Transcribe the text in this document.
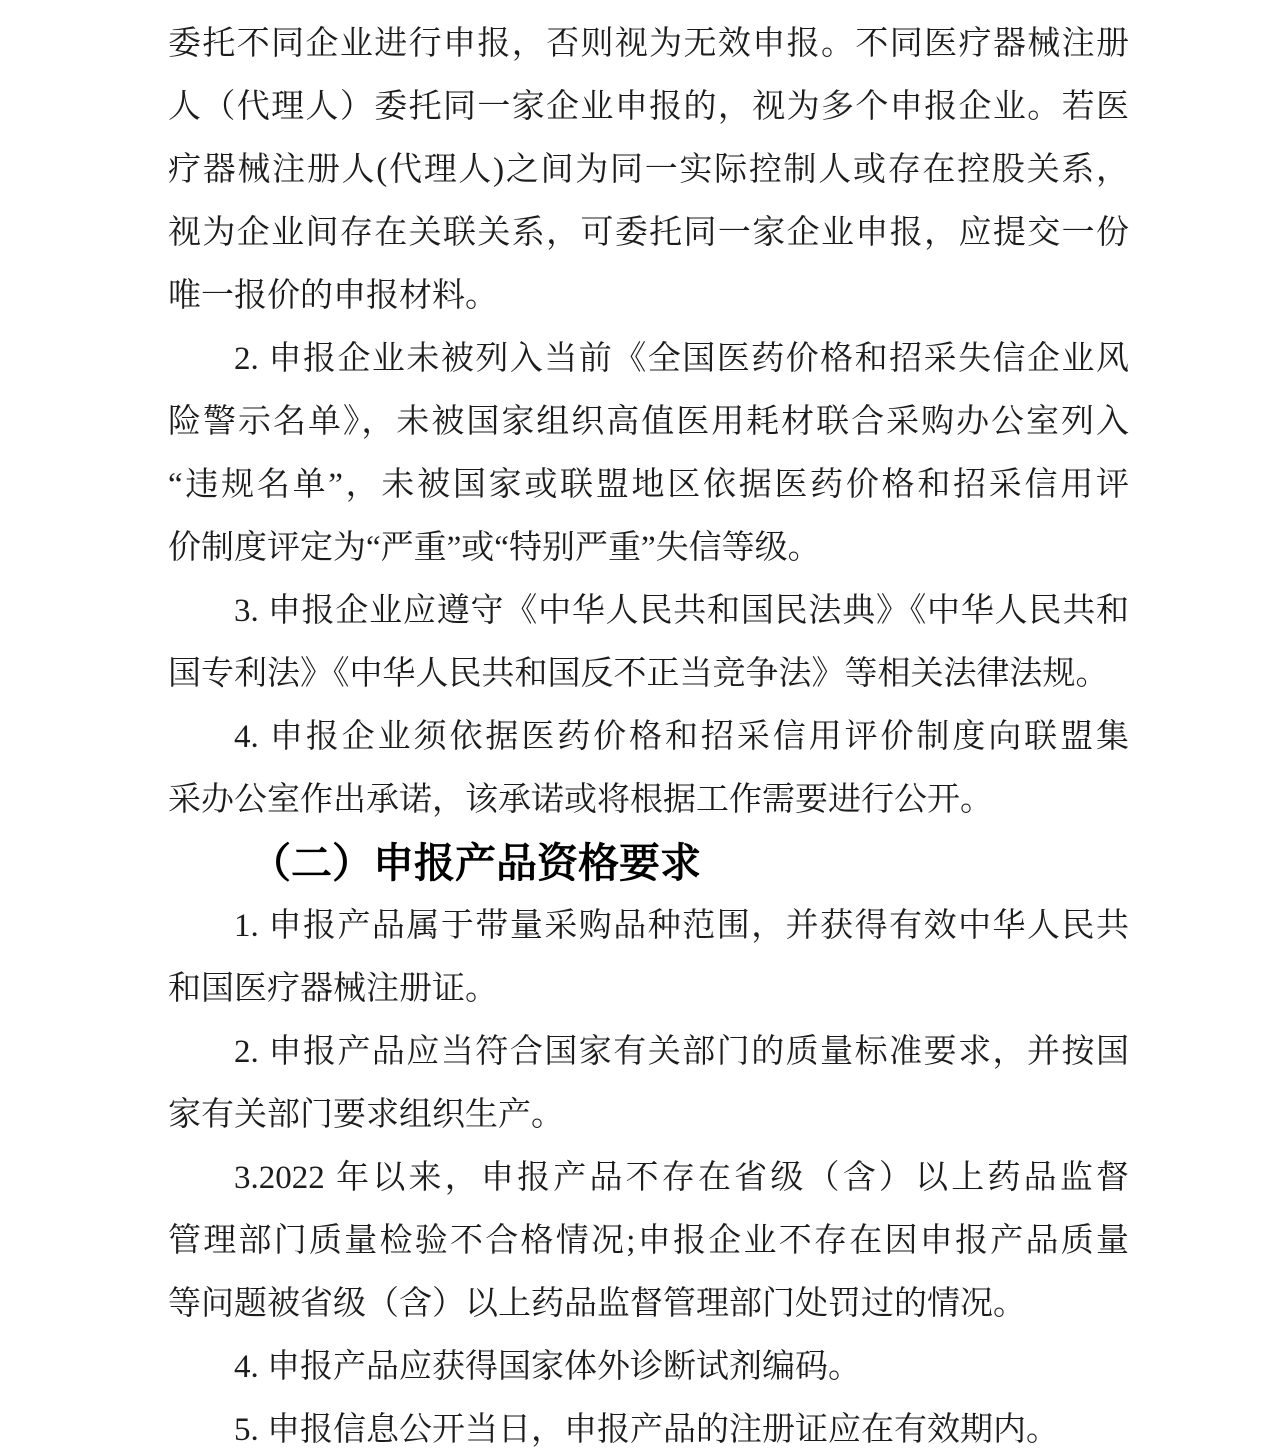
委托不同企业进行申报，否则视为无效申报。不同医疗器械注册
人（代理人）委托同一家企业申报的，视为多个申报企业。若医
疗器械注册人(代理人)之间为同一实际控制人或存在控股关系，
视为企业间存在关联关系，可委托同一家企业申报，应提交一份
唯一报价的申报材料。
2. 申报企业未被列入当前《全国医药价格和招采失信企业风
险警示名单》，未被国家组织高值医用耗材联合采购办公室列入
“违规名单”，未被国家或联盟地区依据医药价格和招采信用评
价制度评定为“严重”或“特别严重”失信等级。
3. 申报企业应遵守《中华人民共和国民法典》《中华人民共和
国专利法》《中华人民共和国反不正当竞争法》等相关法律法规。
4. 申报企业须依据医药价格和招采信用评价制度向联盟集
采办公室作出承诺，该承诺或将根据工作需要进行公开。
（二）申报产品资格要求
1. 申报产品属于带量采购品种范围，并获得有效中华人民共
和国医疗器械注册证。
2. 申报产品应当符合国家有关部门的质量标准要求，并按国
家有关部门要求组织生产。
3.2022 年以来，申报产品不存在省级（含）以上药品监督
管理部门质量检验不合格情况;申报企业不存在因申报产品质量
等问题被省级（含）以上药品监督管理部门处罚过的情况。
4. 申报产品应获得国家体外诊断试剂编码。
5. 申报信息公开当日，申报产品的注册证应在有效期内。
